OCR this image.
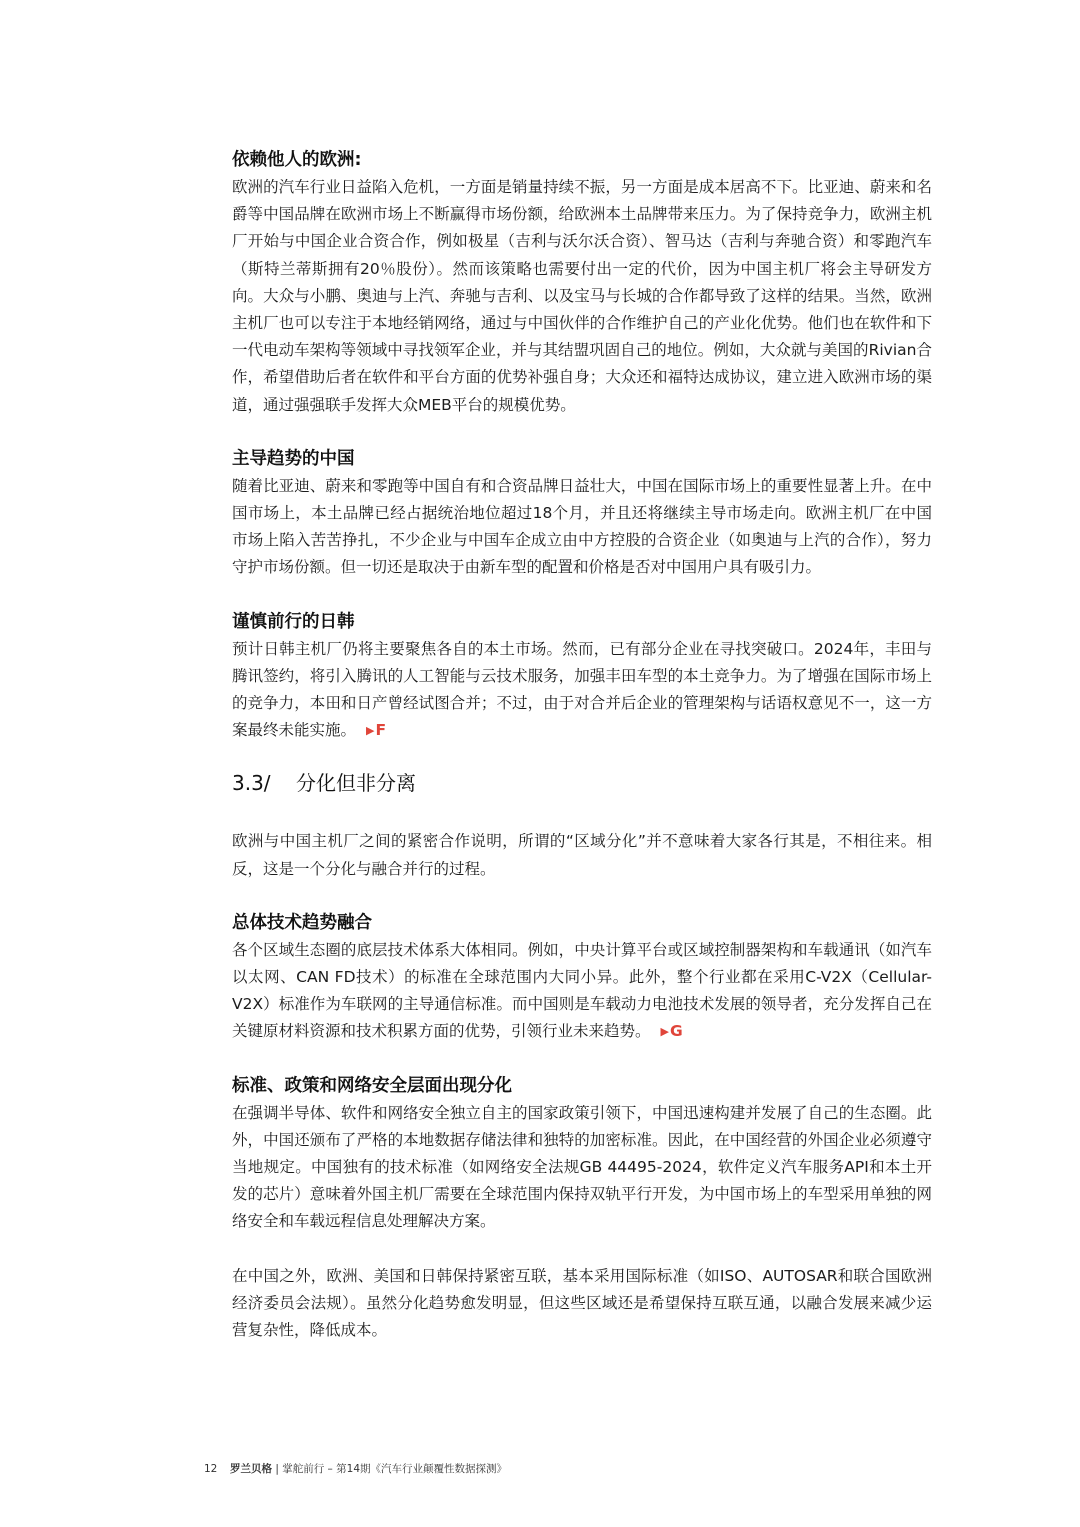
依赖他人的欧洲:

欧洲的汽车行业日益陷入危机，一方面是销量持续不振，另一方面是成本居高不下。比亚迪、蔚来和名爵等中国品牌在欧洲市场上不断赢得市场份额，给欧洲本土品牌带来压力。为了保持竞争力，欧洲主机厂开始与中国企业合资合作，例如极星（吉利与沃尔沃合资）、智马达（吉利与奔驰合资）和零跑汽车（斯特兰蒂斯拥有20％股份）。然而该策略也需要付出一定的代价，因为中国主机厂将会主导研发方向。大众与小鹏、奥迪与上汽、奔驰与吉利、以及宝马与长城的合作都导致了这样的结果。当然，欧洲主机厂也可以专注于本地经销网络，通过与中国伙伴的合作维护自己的产业化优势。他们也在软件和下一代电动车架构等领域中寻找领军企业，并与其结盟巩固自己的地位。例如，大众就与美国的Rivian合作，希望借助后者在软件和平台方面的优势补强自身；大众还和福特达成协议，建立进入欧洲市场的渠道，通过强强联手发挥大众MEB平台的规模优势。

主导趋势的中国

随着比亚迪、蔚来和零跑等中国自有和合资品牌日益壮大，中国在国际市场上的重要性显著上升。在中国市场上，本土品牌已经占据统治地位超过18个月，并且还将继续主导市场走向。欧洲主机厂在中国市场上陷入苦苦挣扎，不少企业与中国车企成立由中方控股的合资企业（如奥迪与上汽的合作），努力守护市场份额。但一切还是取决于由新车型的配置和价格是否对中国用户具有吸引力。

谨慎前行的日韩

预计日韩主机厂仍将主要聚焦各自的本土市场。然而，已有部分企业在寻找突破口。2024年，丰田与腾讯签约，将引入腾讯的人工智能与云技术服务，加强丰田车型的本土竞争力。为了增强在国际市场上的竞争力，本田和日产曾经试图合并；不过，由于对合并后企业的管理架构与话语权意见不一，这一方案最终未能实施。 ▶F

3.3/ 分化但非分离

欧洲与中国主机厂之间的紧密合作说明，所谓的“区域分化”并不意味着大家各行其是，不相往来。相反，这是一个分化与融合并行的过程。

总体技术趋势融合

各个区域生态圈的底层技术体系大体相同。例如，中央计算平台或区域控制器架构和车载通讯（如汽车以太网、CAN FD技术）的标准在全球范围内大同小异。此外，整个行业都在采用C-V2X（Cellular-V2X）标准作为车联网的主导通信标准。而中国则是车载动力电池技术发展的领导者，充分发挥自己在关键原材料资源和技术积累方面的优势，引领行业未来趋势。 ▶G

标准、政策和网络安全层面出现分化

在强调半导体、软件和网络安全独立自主的国家政策引领下，中国迅速构建并发展了自己的生态圈。此外，中国还颁布了严格的本地数据存储法律和独特的加密标准。因此，在中国经营的外国企业必须遵守当地规定。中国独有的技术标准（如网络安全法规GB 44495-2024，软件定义汽车服务API和本土开发的芯片）意味着外国主机厂需要在全球范围内保持双轨平行开发，为中国市场上的车型采用单独的网络安全和车载远程信息处理解决方案。

在中国之外，欧洲、美国和日韩保持紧密互联，基本采用国际标准（如ISO、AUTOSAR和联合国欧洲经济委员会法规）。虽然分化趋势愈发明显，但这些区域还是希望保持互联互通，以融合发展来减少运营复杂性，降低成本。

12 罗兰贝格 | 掌舵前行 – 第14期《汽车行业颠覆性数据探测》
